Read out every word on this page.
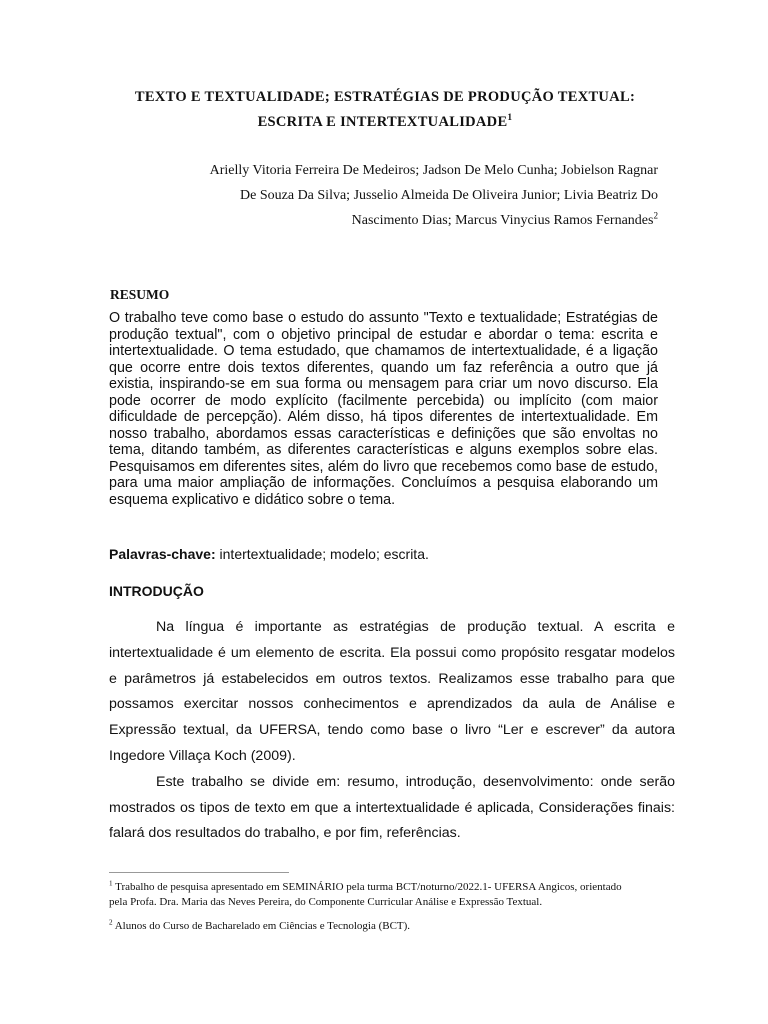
TEXTO E TEXTUALIDADE; ESTRATÉGIAS DE PRODUÇÃO TEXTUAL:
ESCRITA E INTERTEXTUALIDADE$^1$
Arielly Vitoria Ferreira De Medeiros; Jadson De Melo Cunha; Jobielson Ragnar
De Souza Da Silva; Jusselio Almeida De Oliveira Junior; Livia Beatriz Do
Nascimento Dias; Marcus Vinycius Ramos Fernandes$^2$
RESUMO
O trabalho teve como base o estudo do assunto "Texto e textualidade; Estratégias de produção textual", com o objetivo principal de estudar e abordar o tema: escrita e intertextualidade. O tema estudado, que chamamos de intertextualidade, é a ligação que ocorre entre dois textos diferentes, quando um faz referência a outro que já existia, inspirando-se em sua forma ou mensagem para criar um novo discurso. Ela pode ocorrer de modo explícito (facilmente percebida) ou implícito (com maior dificuldade de percepção). Além disso, há tipos diferentes de intertextualidade. Em nosso trabalho, abordamos essas características e definições que são envoltas no tema, ditando também, as diferentes características e alguns exemplos sobre elas. Pesquisamos em diferentes sites, além do livro que recebemos como base de estudo, para uma maior ampliação de informações. Concluímos a pesquisa elaborando um esquema explicativo e didático sobre o tema.
Palavras-chave: intertextualidade; modelo; escrita.
INTRODUÇÃO

Na língua é importante as estratégias de produção textual. A escrita e intertextualidade é um elemento de escrita. Ela possui como propósito resgatar modelos e parâmetros já estabelecidos em outros textos. Realizamos esse trabalho para que possamos exercitar nossos conhecimentos e aprendizados da aula de Análise e Expressão textual, da UFERSA, tendo como base o livro “Ler e escrever” da autora Ingedore Villaça Koch (2009).

Este trabalho se divide em: resumo, introdução, desenvolvimento: onde serão mostrados os tipos de texto em que a intertextualidade é aplicada, Considerações finais: falará dos resultados do trabalho, e por fim, referências.

$^1$ Trabalho de pesquisa apresentado em SEMINÁRIO pela turma BCT/noturno/2022.1- UFERSA Angicos, orientado pela Profa. Dra. Maria das Neves Pereira, do Componente Curricular Análise e Expressão Textual.

$^2$ Alunos do Curso de Bacharelado em Ciências e Tecnologia (BCT).
